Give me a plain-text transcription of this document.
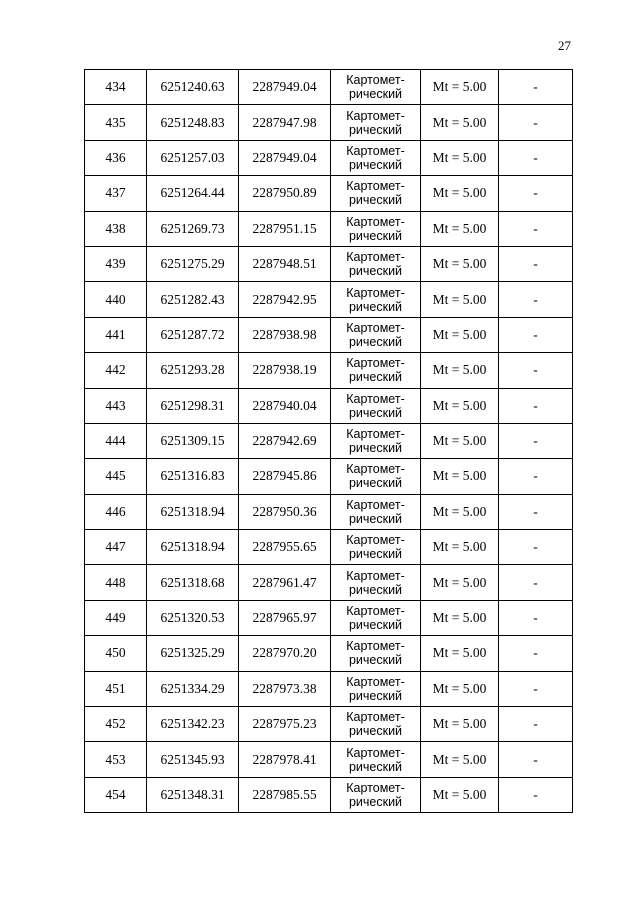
27
434	6251240.63	2287949.04	Картомет-
рический	Mt = 5.00	-
435	6251248.83	2287947.98	Картомет-
рический	Mt = 5.00	-
436	6251257.03	2287949.04	Картомет-
рический	Mt = 5.00	-
437	6251264.44	2287950.89	Картомет-
рический	Mt = 5.00	-
438	6251269.73	2287951.15	Картомет-
рический	Mt = 5.00	-
439	6251275.29	2287948.51	Картомет-
рический	Mt = 5.00	-
440	6251282.43	2287942.95	Картомет-
рический	Mt = 5.00	-
441	6251287.72	2287938.98	Картомет-
рический	Mt = 5.00	-
442	6251293.28	2287938.19	Картомет-
рический	Mt = 5.00	-
443	6251298.31	2287940.04	Картомет-
рический	Mt = 5.00	-
444	6251309.15	2287942.69	Картомет-
рический	Mt = 5.00	-
445	6251316.83	2287945.86	Картомет-
рический	Mt = 5.00	-
446	6251318.94	2287950.36	Картомет-
рический	Mt = 5.00	-
447	6251318.94	2287955.65	Картомет-
рический	Mt = 5.00	-
448	6251318.68	2287961.47	Картомет-
рический	Mt = 5.00	-
449	6251320.53	2287965.97	Картомет-
рический	Mt = 5.00	-
450	6251325.29	2287970.20	Картомет-
рический	Mt = 5.00	-
451	6251334.29	2287973.38	Картомет-
рический	Mt = 5.00	-
452	6251342.23	2287975.23	Картомет-
рический	Mt = 5.00	-
453	6251345.93	2287978.41	Картомет-
рический	Mt = 5.00	-
454	6251348.31	2287985.55	Картомет-
рический	Mt = 5.00	-
